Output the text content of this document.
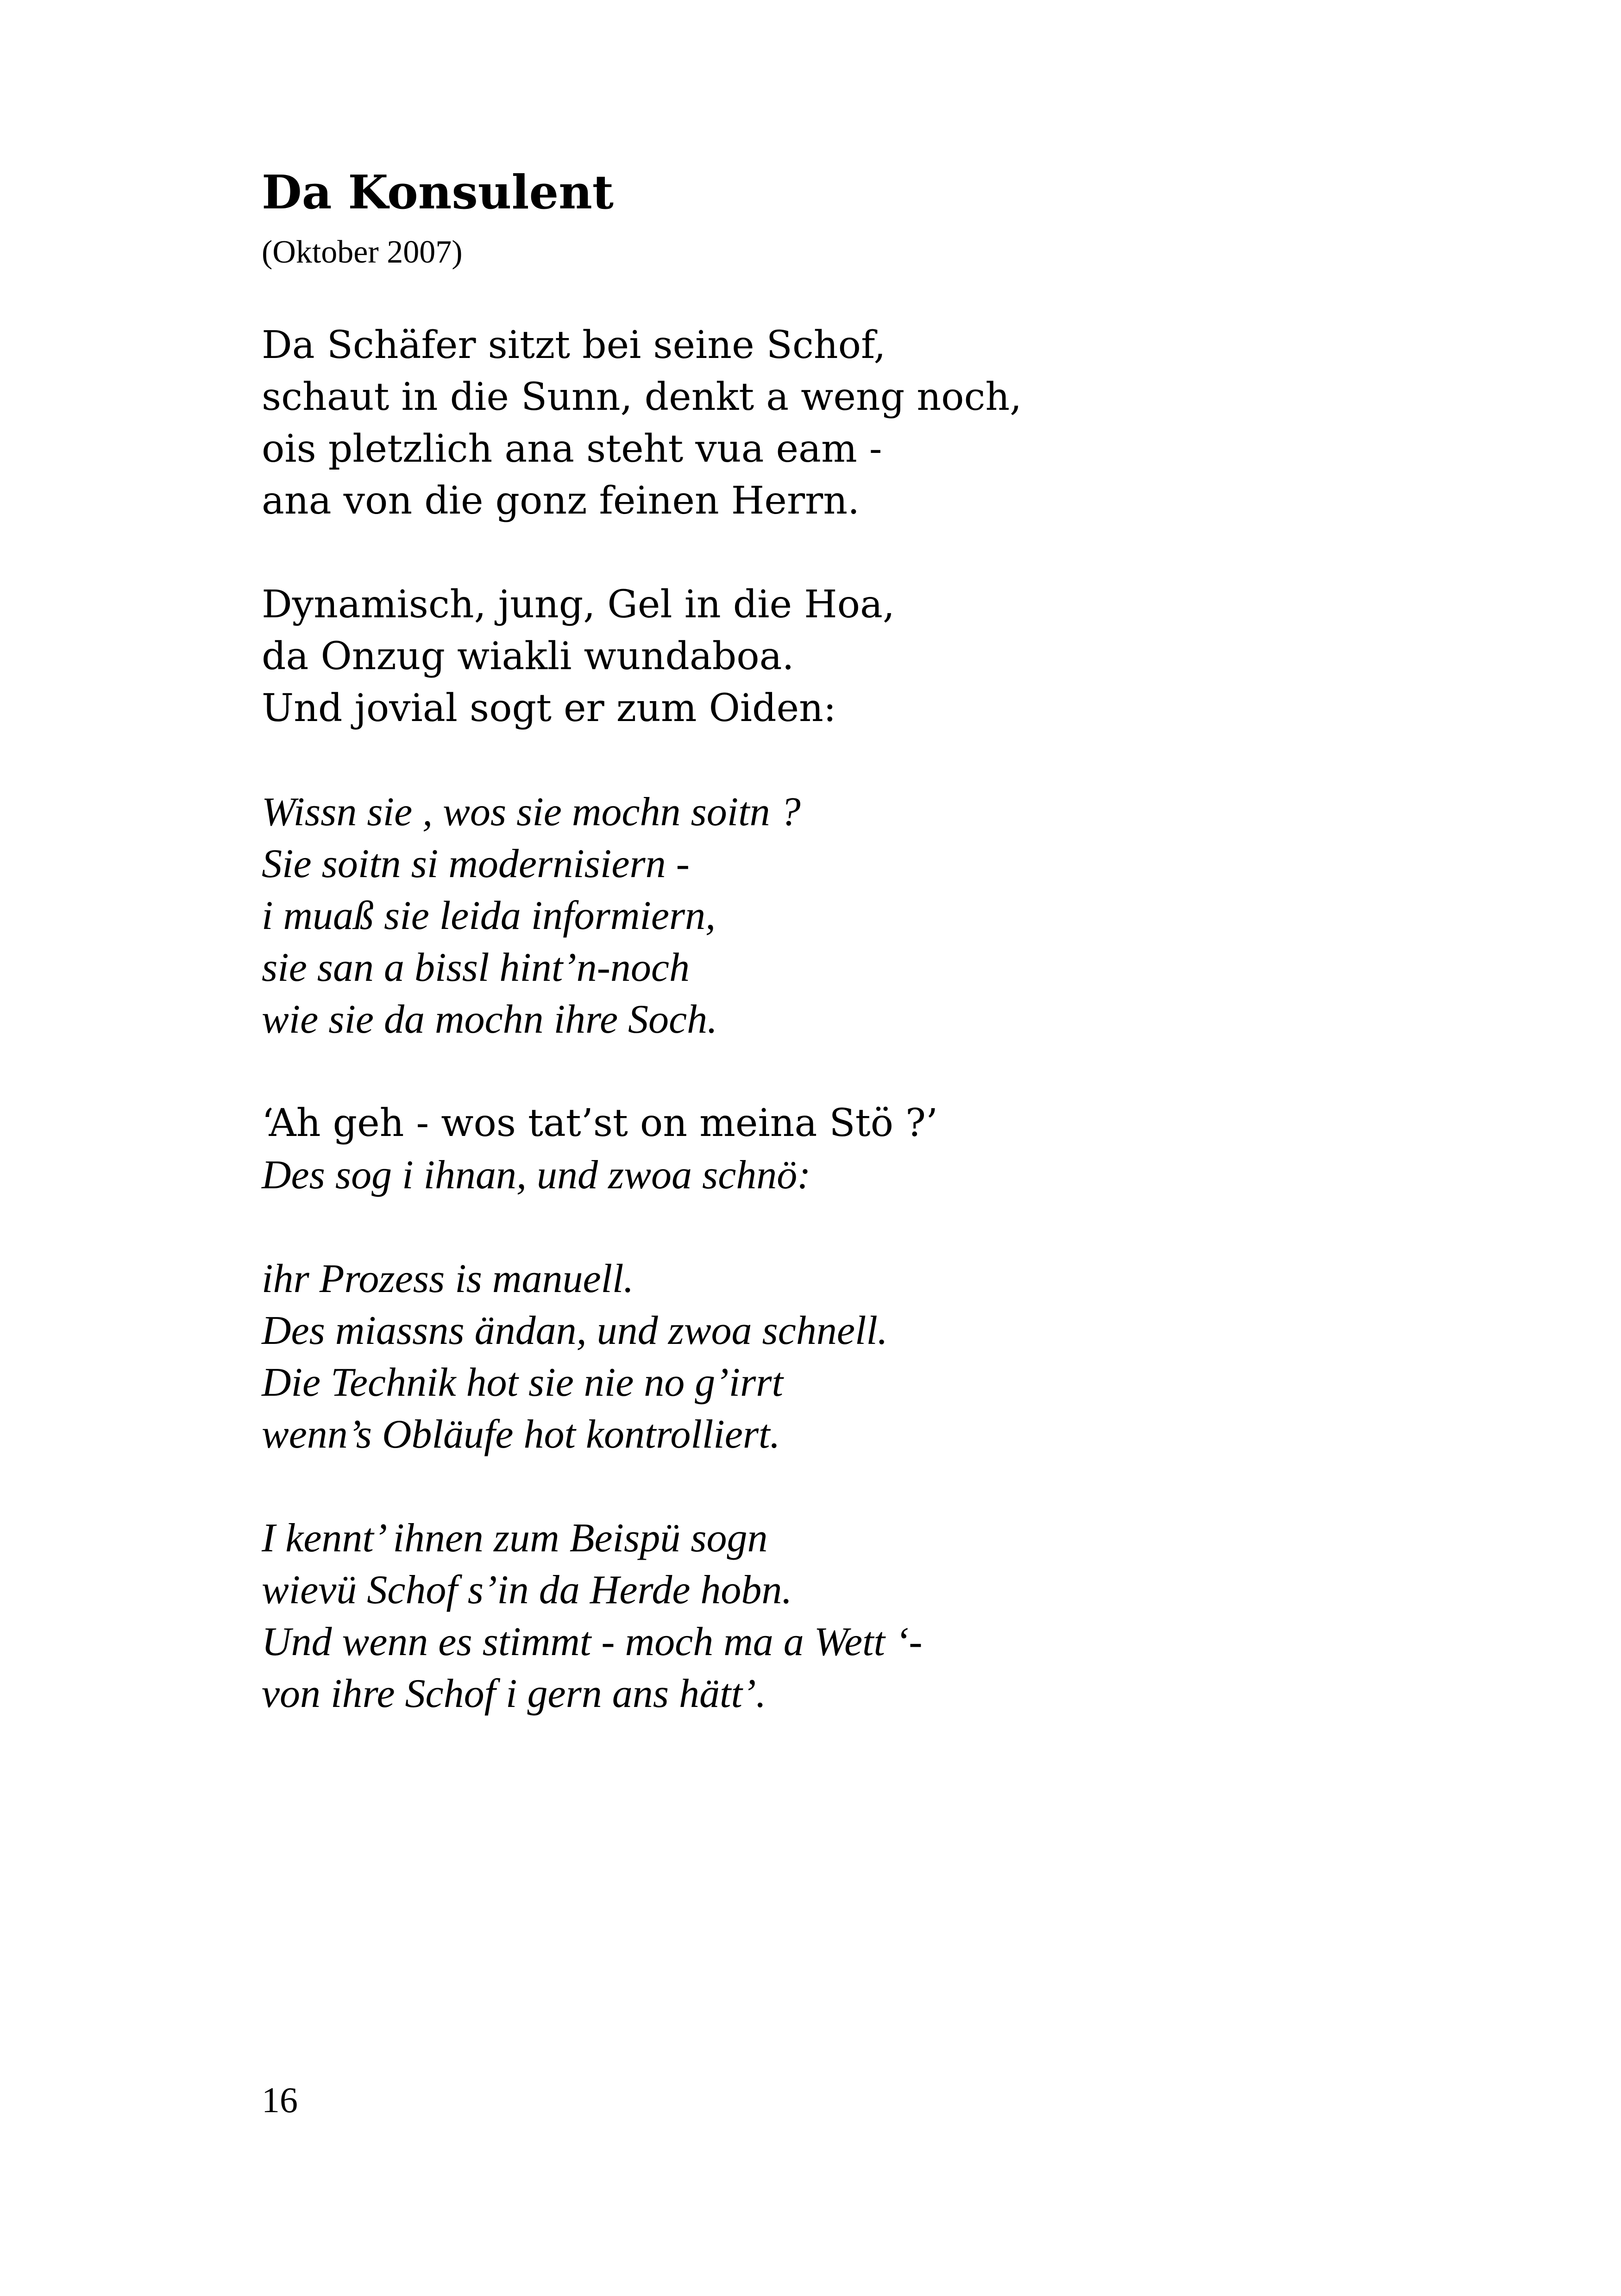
Da Konsulent

(Oktober 2007)

Da Schäfer sitzt bei seine Schof,
schaut in die Sunn, denkt a weng noch,
ois pletzlich ana steht vua eam -
ana von die gonz feinen Herrn.
Dynamisch, jung, Gel in die Hoa,
da Onzug wiakli wundaboa.
Und jovial sogt er zum Oiden:
Wissn sie , wos sie mochn soitn ?
Sie soitn si modernisiern -
i muaß sie leida informiern,
sie san a bissl hint’n-noch
wie sie da mochn ihre Soch.
‘Ah geh - wos tat’st on meina Stö ?’
Des sog i ihnan, und zwoa schnö:
ihr Prozess is manuell.
Des miassns ändan, und zwoa schnell.
Die Technik hot sie nie no g’irrt
wenn’s Obläufe hot kontrolliert.
I kennt’ ihnen zum Beispü sogn
wievü Schof s’in da Herde hobn.
Und wenn es stimmt - moch ma a Wett ‘-
von ihre Schof i gern ans hätt’.

16
